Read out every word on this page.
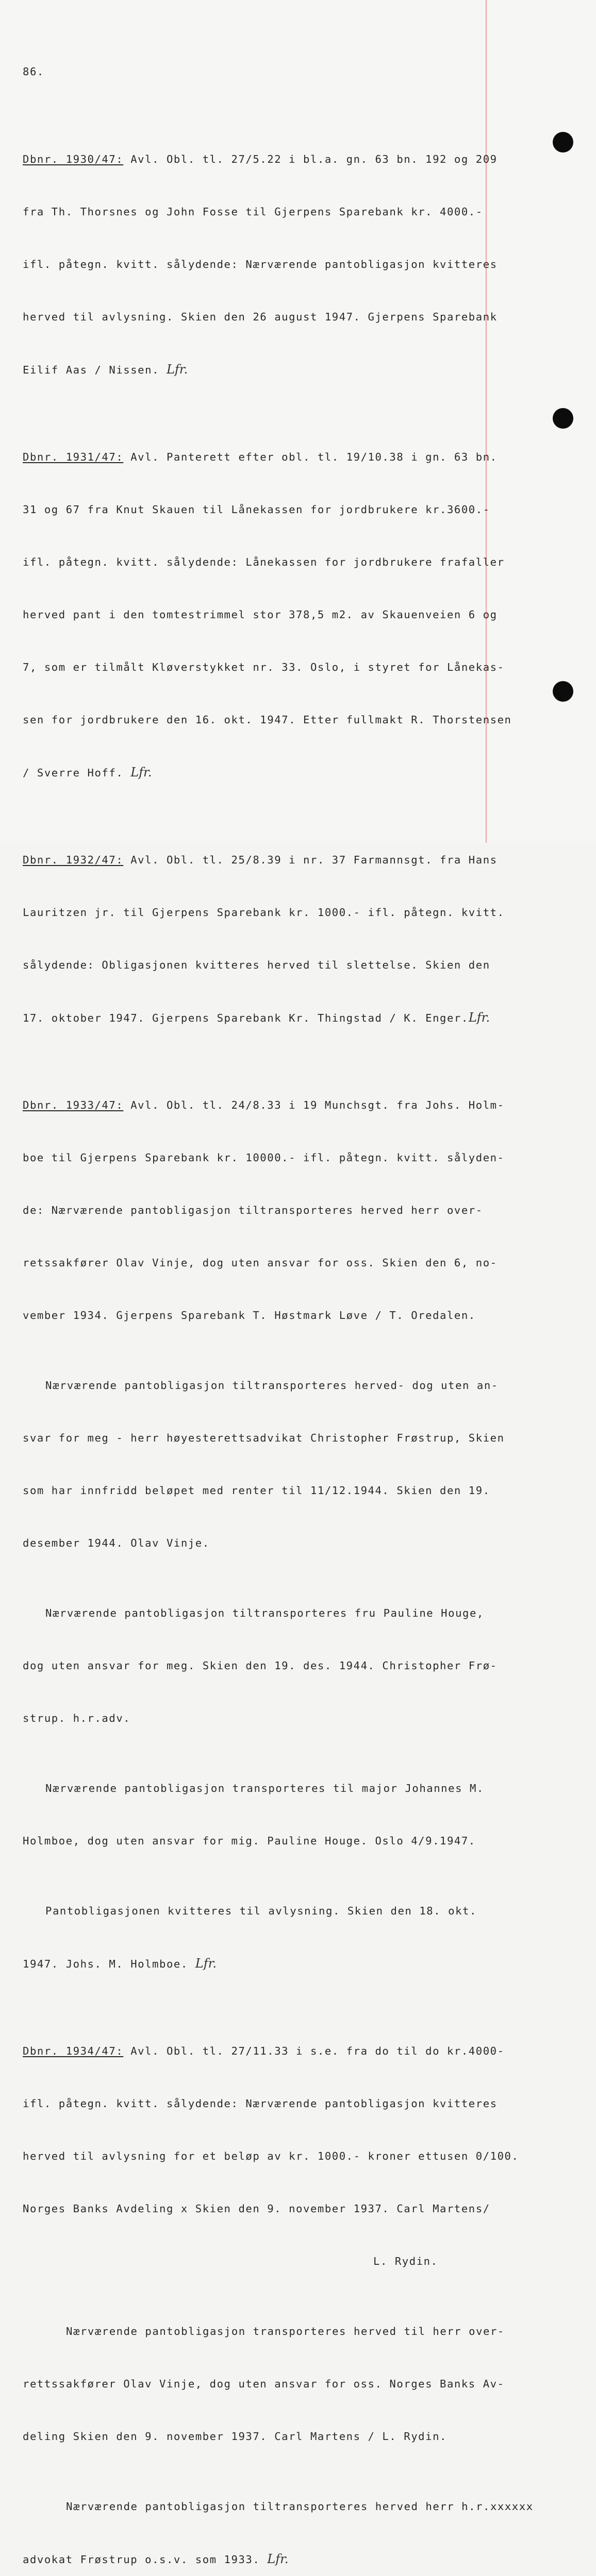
86.

Dbnr. 1930/47: Avl. Obl. tl. 27/5.22 i bl.a. gn. 63 bn. 192 og 209

fra Th. Thorsnes og John Fosse til Gjerpens Sparebank kr. 4000.-

ifl. påtegn. kvitt. sålydende: Nærværende pantobligasjon kvitteres

herved til avlysning. Skien den 26 august 1947. Gjerpens Sparebank

Eilif Aas / Nissen. Lfr.

Dbnr. 1931/47: Avl. Panterett efter obl. tl. 19/10.38 i gn. 63 bn.

31 og 67 fra Knut Skauen til Lånekassen for jordbrukere kr.3600.-

ifl. påtegn. kvitt. sålydende: Lånekassen for jordbrukere frafaller

herved pant i den tomtestrimmel stor 378,5 m2. av Skauenveien 6 og

7, som er tilmålt Kløverstykket nr. 33. Oslo, i styret for Lånekas-

sen for jordbrukere den 16. okt. 1947. Etter fullmakt R. Thorstensen

/ Sverre Hoff. Lfr.

Dbnr. 1932/47: Avl. Obl. tl. 25/8.39 i nr. 37 Farmannsgt. fra Hans

Lauritzen jr. til Gjerpens Sparebank kr. 1000.- ifl. påtegn. kvitt.

sålydende: Obligasjonen kvitteres herved til slettelse. Skien den

17. oktober 1947. Gjerpens Sparebank Kr. Thingstad / K. Enger.Lfr.

Dbnr. 1933/47: Avl. Obl. tl. 24/8.33 i 19 Munchsgt. fra Johs. Holm-

boe til Gjerpens Sparebank kr. 10000.- ifl. påtegn. kvitt. sålyden-

de: Nærværende pantobligasjon tiltransporteres herved herr over-

retssakfører Olav Vinje, dog uten ansvar for oss. Skien den 6, no-

vember 1934. Gjerpens Sparebank T. Høstmark Løve / T. Oredalen.

Nærværende pantobligasjon tiltransporteres herved- dog uten an-

svar for meg - herr høyesterettsadvikat Christopher Frøstrup, Skien

som har innfridd beløpet med renter til 11/12.1944. Skien den 19.

desember 1944. Olav Vinje.

Nærværende pantobligasjon tiltransporteres fru Pauline Houge,

dog uten ansvar for meg. Skien den 19. des. 1944. Christopher Frø-

strup. h.r.adv.

Nærværende pantobligasjon transporteres til major Johannes M.

Holmboe, dog uten ansvar for mig. Pauline Houge. Oslo 4/9.1947.

Pantobligasjonen kvitteres til avlysning. Skien den 18. okt.

1947. Johs. M. Holmboe. Lfr.

Dbnr. 1934/47: Avl. Obl. tl. 27/11.33 i s.e. fra do til do kr.4000-

ifl. påtegn. kvitt. sålydende: Nærværende pantobligasjon kvitteres

herved til avlysning for et beløp av kr. 1000.- kroner ettusen 0/100.

Norges Banks Avdeling x Skien den 9. november 1937. Carl Martens/

L. Rydin.

Nærværende pantobligasjon transporteres herved til herr over-

rettssakfører Olav Vinje, dog uten ansvar for oss. Norges Banks Av-

deling Skien den 9. november 1937. Carl Martens / L. Rydin.

Nærværende pantobligasjon tiltransporteres herved herr h.r.xxxxxx

advokat Frøstrup o.s.v. som 1933. Lfr.
